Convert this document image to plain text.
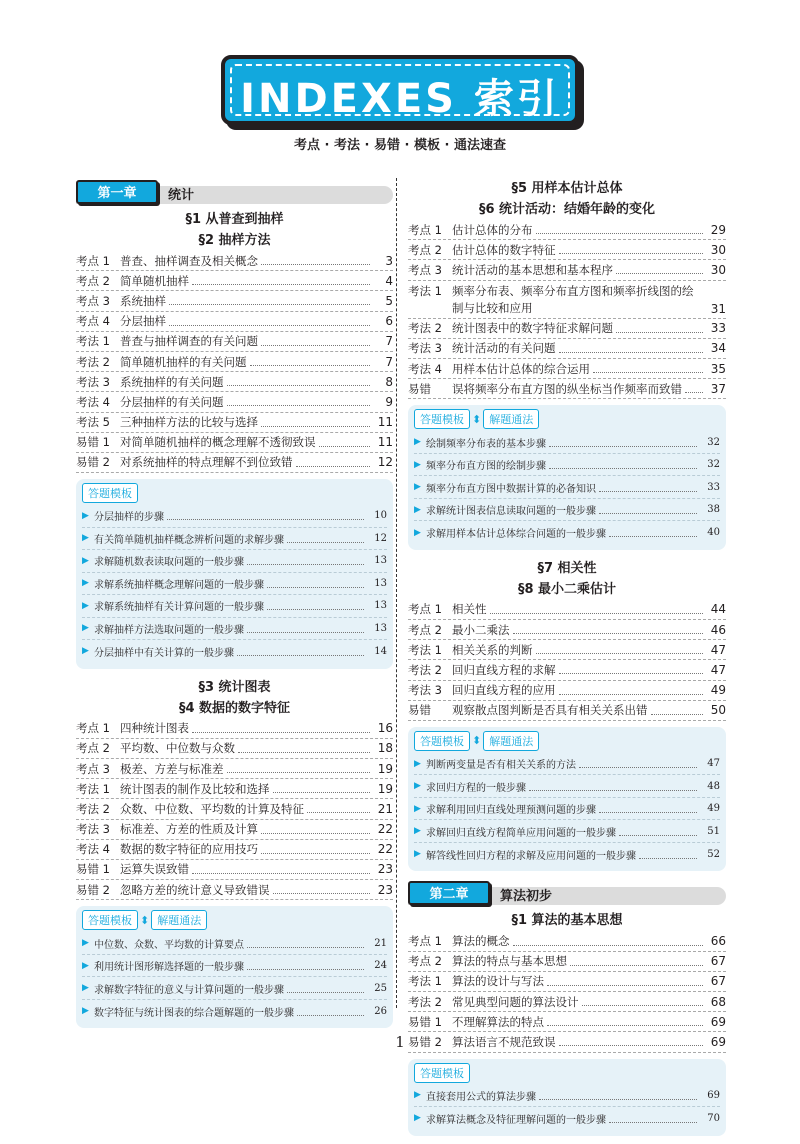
INDEXES 索引
考点 · 考法 · 易错 · 模板 · 通法速查
第一章	统计
§1 从普查到抽样
§2 抽样方法
考点 1 普查、抽样调查及相关概念	3
考点 2 简单随机抽样	4
考点 3 系统抽样	5
考点 4 分层抽样	6
考法 1 普查与抽样调查的有关问题	7
考法 2 简单随机抽样的有关问题	7
考法 3 系统抽样的有关问题	8
考法 4 分层抽样的有关问题	9
考法 5 三种抽样方法的比较与选择	11
易错 1 对简单随机抽样的概念理解不透彻致误	11
易错 2 对系统抽样的特点理解不到位致错	12
答题模板
▶ 分层抽样的步骤	10
▶ 有关简单随机抽样概念辨析问题的求解步骤	12
▶ 求解随机数表读取问题的一般步骤	13
▶ 求解系统抽样概念理解问题的一般步骤	13
▶ 求解系统抽样有关计算问题的一般步骤	13
▶ 求解抽样方法选取问题的一般步骤	13
▶ 分层抽样中有关计算的一般步骤	14
§3 统计图表
§4 数据的数字特征
考点 1 四种统计图表	16
考点 2 平均数、中位数与众数	18
考点 3 极差、方差与标准差	19
考法 1 统计图表的制作及比较和选择	19
考法 2 众数、中位数、平均数的计算及特征	21
考法 3 标准差、方差的性质及计算	22
考法 4 数据的数字特征的应用技巧	22
易错 1 运算失误致错	23
易错 2 忽略方差的统计意义导致错误	23
答题模板 ⬍ 解题通法
▶ 中位数、众数、平均数的计算要点	21
▶ 利用统计图形解选择题的一般步骤	24
▶ 求解数字特征的意义与计算问题的一般步骤	25
▶ 数字特征与统计图表的综合题解题的一般步骤	26
§5 用样本估计总体
§6 统计活动：结婚年龄的变化
考点 1 估计总体的分布	29
考点 2 估计总体的数字特征	30
考点 3 统计活动的基本思想和基本程序	30
考法 1 频率分布表、频率分布直方图和频率折线图的绘制与比较和应用	31
考法 2 统计图表中的数字特征求解问题	33
考法 3 统计活动的有关问题	34
考法 4 用样本估计总体的综合运用	35
易错	误将频率分布直方图的纵坐标当作频率而致错	37
答题模板 ⬍ 解题通法
▶ 绘制频率分布表的基本步骤	32
▶ 频率分布直方图的绘制步骤	32
▶ 频率分布直方图中数据计算的必备知识	33
▶ 求解统计图表信息读取问题的一般步骤	38
▶ 求解用样本估计总体综合问题的一般步骤	40
§7 相关性
§8 最小二乘估计
考点 1 相关性	44
考点 2 最小二乘法	46
考法 1 相关关系的判断	47
考法 2 回归直线方程的求解	47
考法 3 回归直线方程的应用	49
易错	观察散点图判断是否具有相关关系出错	50
答题模板 ⬍ 解题通法
▶ 判断两变量是否有相关关系的方法	47
▶ 求回归方程的一般步骤	48
▶ 求解利用回归直线处理预测问题的步骤	49
▶ 求解回归直线方程简单应用问题的一般步骤	51
▶ 解答线性回归方程的求解及应用问题的一般步骤	52
第二章	算法初步
§1 算法的基本思想
考点 1 算法的概念	66
考点 2 算法的特点与基本思想	67
考法 1 算法的设计与写法	67
考法 2 常见典型问题的算法设计	68
易错 1 不理解算法的特点	69
易错 2 算法语言不规范致误	69
答题模板
▶ 直接套用公式的算法步骤	69
▶ 求解算法概念及特征理解问题的一般步骤	70
1
